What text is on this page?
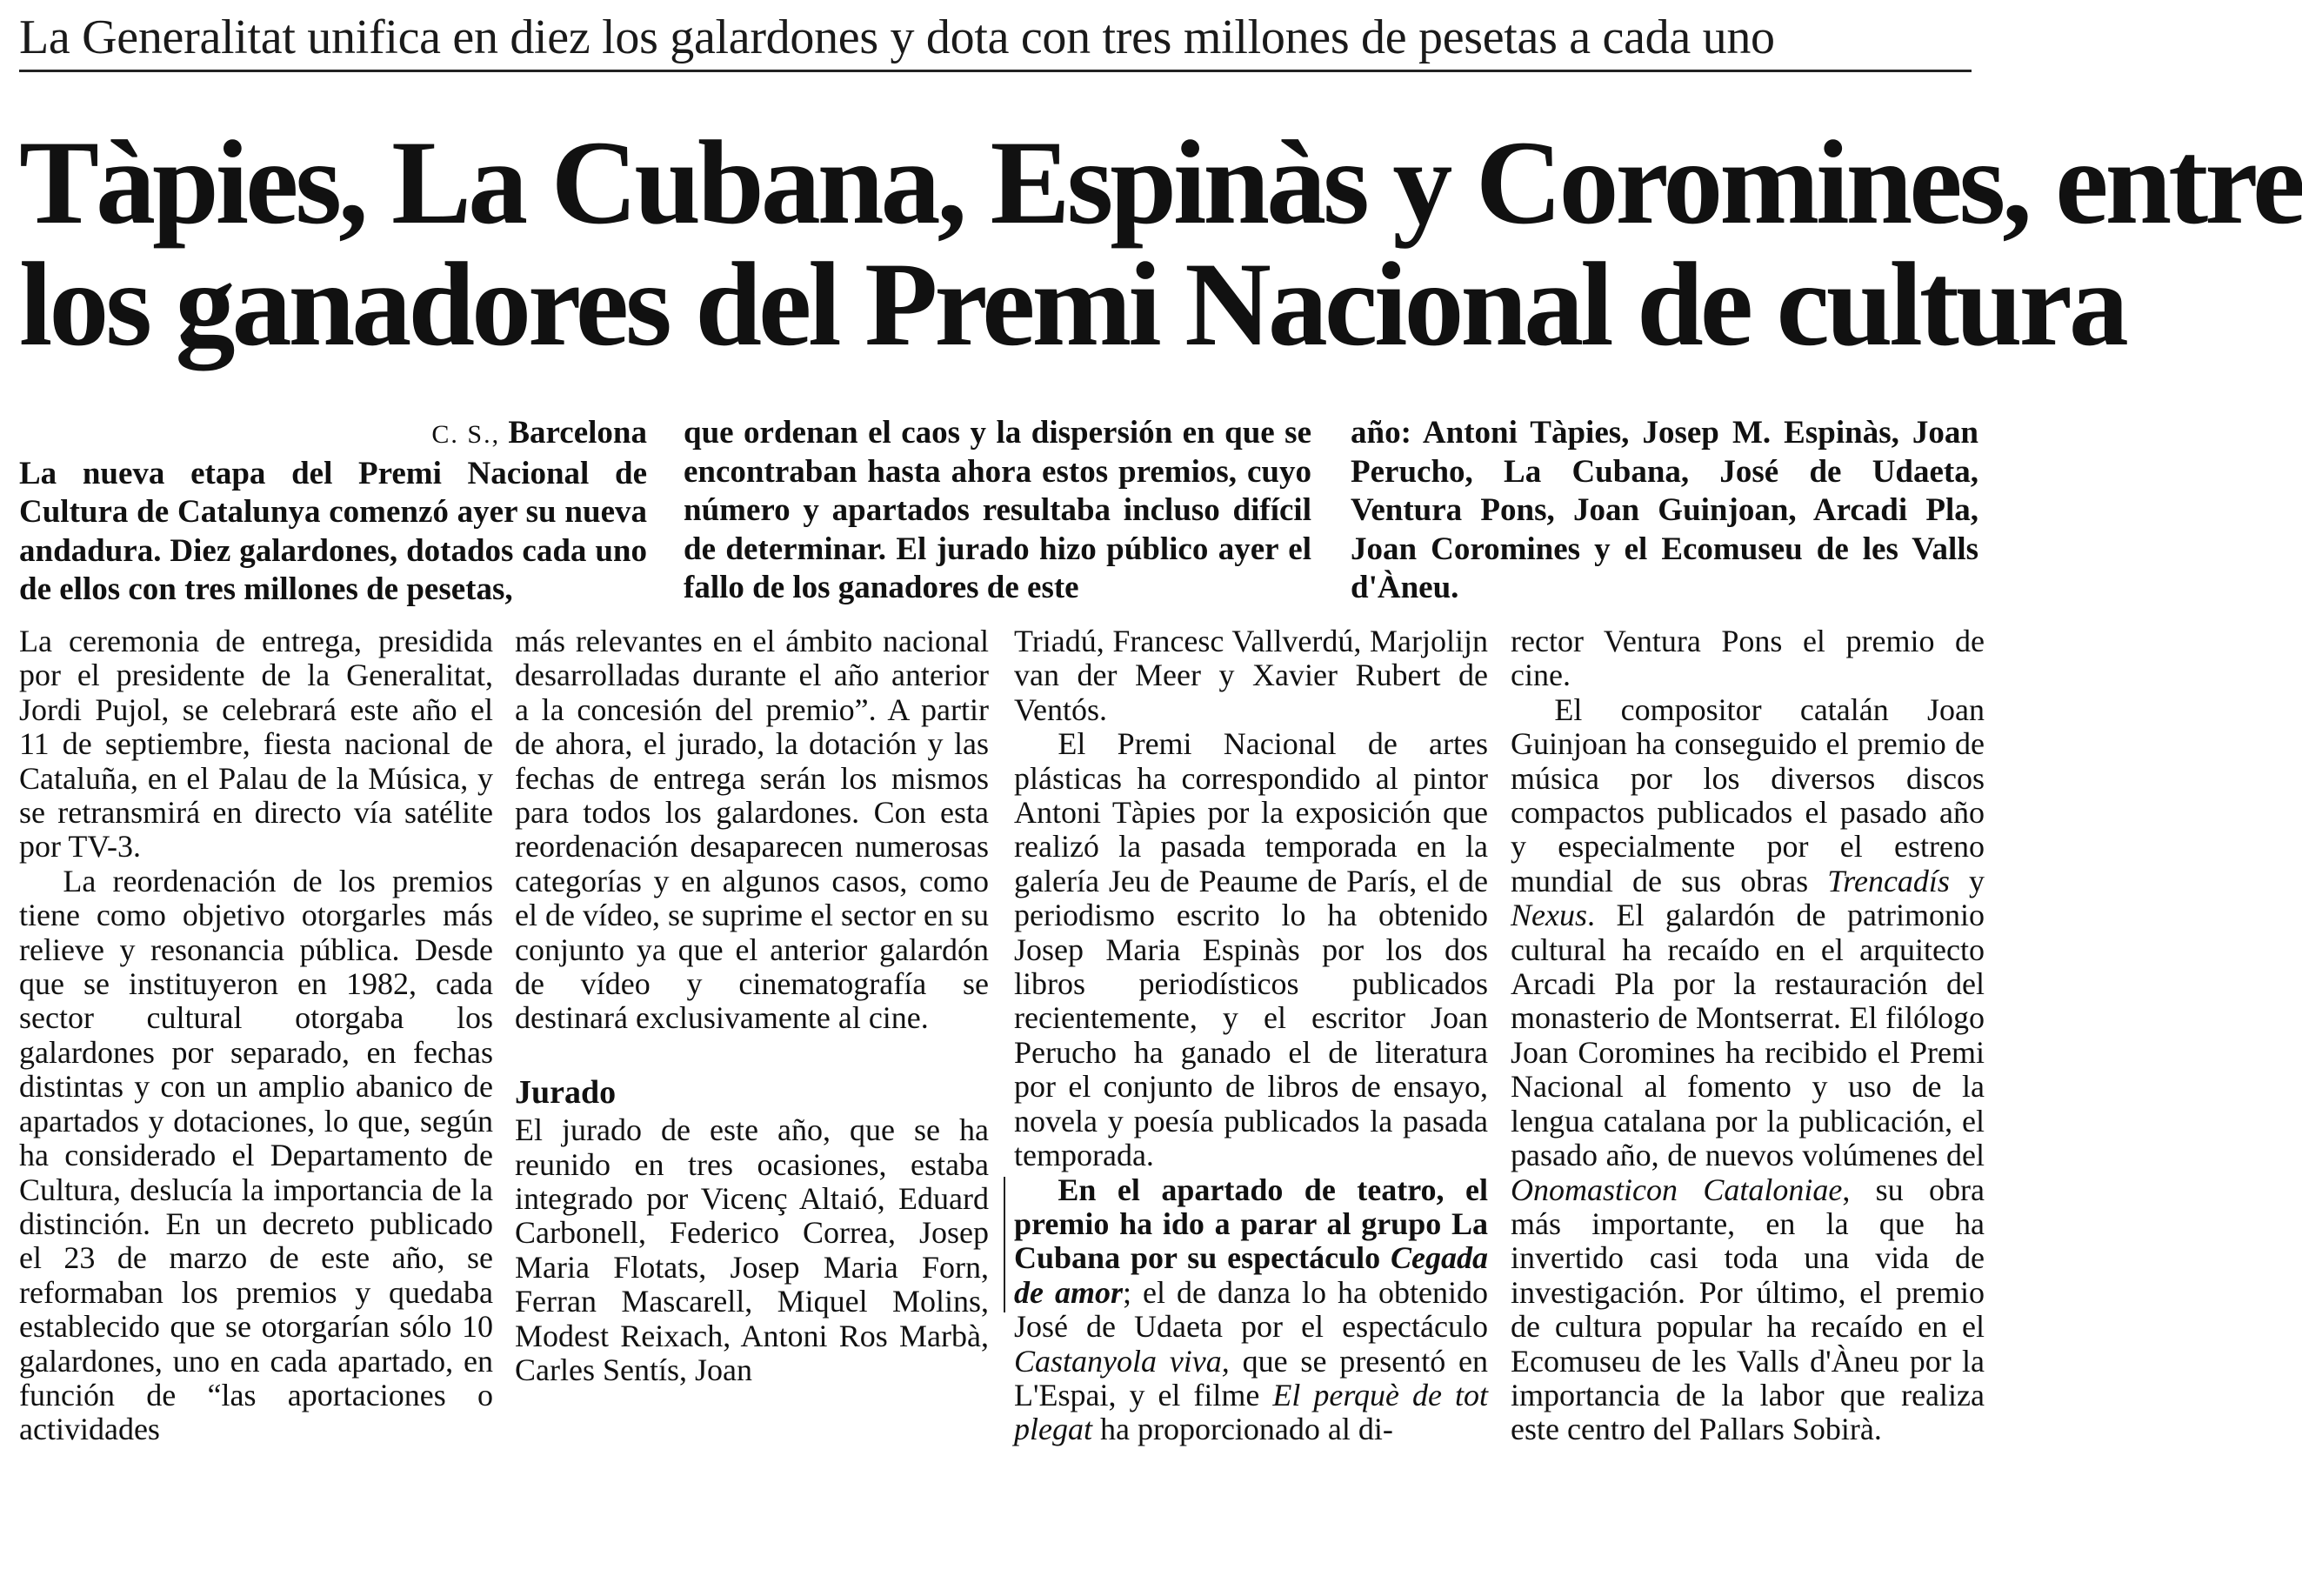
La Generalitat unifica en diez los galardones y dota con tres millones de pesetas a cada uno
Tàpies, La Cubana, Espinàs y Coromines, entre
los ganadores del Premi Nacional de cultura
C. S., Barcelona

La nueva etapa del Premi Nacional de Cultura de Catalunya comenzó ayer su nueva andadura. Diez galardones, dotados cada uno de ellos con tres millones de pesetas,

que ordenan el caos y la dispersión en que se encontraban hasta ahora estos premios, cuyo número y apartados resultaba incluso difícil de determinar. El jurado hizo público ayer el fallo de los ganadores de este

año: Antoni Tàpies, Josep M. Espinàs, Joan Perucho, La Cubana, José de Udaeta, Ventura Pons, Joan Guinjoan, Arcadi Pla, Joan Coromines y el Ecomuseu de les Valls d'Àneu.

La ceremonia de entrega, presidida por el presidente de la Generalitat, Jordi Pujol, se celebrará este año el 11 de septiembre, fiesta nacional de Cataluña, en el Palau de la Música, y se retransmirá en directo vía satélite por TV-3.

La reordenación de los premios tiene como objetivo otorgarles más relieve y resonancia pública. Desde que se instituyeron en 1982, cada sector cultural otorgaba los galardones por separado, en fechas distintas y con un amplio abanico de apartados y dotaciones, lo que, según ha considerado el Departamento de Cultura, deslucía la importancia de la distinción. En un decreto publicado el 23 de marzo de este año, se reformaban los premios y quedaba establecido que se otorgarían sólo 10 galardones, uno en cada apartado, en función de “las aportaciones o actividades

más relevantes en el ámbito nacional desarrolladas durante el año anterior a la concesión del premio”. A partir de ahora, el jurado, la dotación y las fechas de entrega serán los mismos para todos los galardones. Con esta reordenación desaparecen numerosas categorías y en algunos casos, como el de vídeo, se suprime el sector en su conjunto ya que el anterior galardón de vídeo y cinematografía se destinará exclusivamente al cine.

Jurado

El jurado de este año, que se ha reunido en tres ocasiones, estaba integrado por Vicenç Altaió, Eduard Carbonell, Federico Correa, Josep Maria Flotats, Josep Maria Forn, Ferran Mascarell, Miquel Molins, Modest Reixach, Antoni Ros Marbà, Carles Sentís, Joan

Triadú, Francesc Vallverdú, Marjolijn van der Meer y Xavier Rubert de Ventós.

El Premi Nacional de artes plásticas ha correspondido al pintor Antoni Tàpies por la exposición que realizó la pasada temporada en la galería Jeu de Peaume de París, el de periodismo escrito lo ha obtenido Josep Maria Espinàs por los dos libros periodísticos publicados recientemente, y el escritor Joan Perucho ha ganado el de literatura por el conjunto de libros de ensayo, novela y poesía publicados la pasada temporada.

En el apartado de teatro, el premio ha ido a parar al grupo La Cubana por su espectáculo Cegada de amor; el de danza lo ha obtenido José de Udaeta por el espectáculo Castanyola viva, que se presentó en L'Espai, y el filme El perquè de tot plegat ha proporcionado al di-

rector Ventura Pons el premio de cine.

El compositor catalán Joan Guinjoan ha conseguido el premio de música por los diversos discos compactos publicados el pasado año y especialmente por el estreno mundial de sus obras Trencadís y Nexus. El galardón de patrimonio cultural ha recaído en el arquitecto Arcadi Pla por la restauración del monasterio de Montserrat. El filólogo Joan Coromines ha recibido el Premi Nacional al fomento y uso de la lengua catalana por la publicación, el pasado año, de nuevos volúmenes del Onomasticon Cataloniae, su obra más importante, en la que ha invertido casi toda una vida de investigación. Por último, el premio de cultura popular ha recaído en el Ecomuseu de les Valls d'Àneu por la importancia de la labor que realiza este centro del Pallars Sobirà.
